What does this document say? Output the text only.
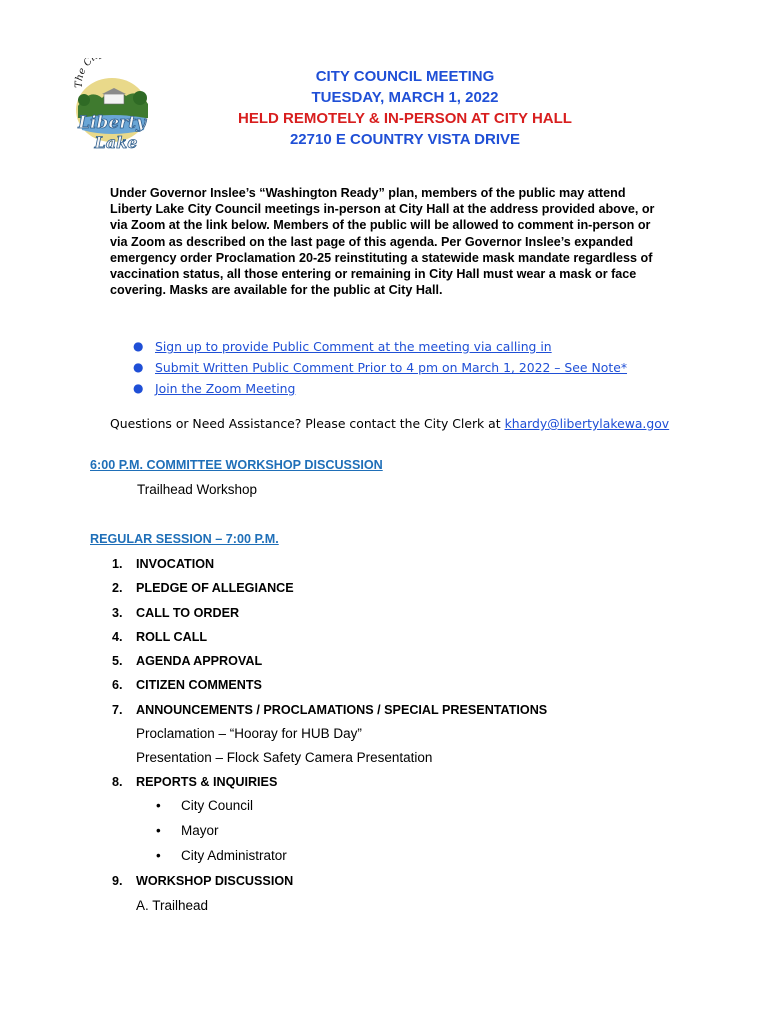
The Ci
Liberty
Lake
CITY COUNCIL MEETING
TUESDAY, MARCH 1, 2022
HELD REMOTELY & IN-PERSON AT CITY HALL
22710 E COUNTRY VISTA DRIVE
Under Governor Inslee’s “Washington Ready” plan, members of the public may attend Liberty Lake City Council meetings in-person at City Hall at the address provided above, or via Zoom at the link below. Members of the public will be allowed to comment in-person or via Zoom as described on the last page of this agenda. Per Governor Inslee’s expanded emergency order Proclamation 20-25 reinstituting a statewide mask mandate regardless of vaccination status, all those entering or remaining in City Hall must wear a mask or face covering. Masks are available for the public at City Hall.
● Sign up to provide Public Comment at the meeting via calling in
● Submit Written Public Comment Prior to 4 pm on March 1, 2022 – See Note*
● Join the Zoom Meeting
Questions or Need Assistance? Please contact the City Clerk at khardy@libertylakewa.gov
6:00 P.M. COMMITTEE WORKSHOP DISCUSSION
Trailhead Workshop
REGULAR SESSION – 7:00 P.M.
1. INVOCATION
2. PLEDGE OF ALLEGIANCE
3. CALL TO ORDER
4. ROLL CALL
5. AGENDA APPROVAL
6. CITIZEN COMMENTS
7. ANNOUNCEMENTS / PROCLAMATIONS / SPECIAL PRESENTATIONS
Proclamation – “Hooray for HUB Day”
Presentation – Flock Safety Camera Presentation
8. REPORTS & INQUIRIES
• City Council
• Mayor
• City Administrator
9. WORKSHOP DISCUSSION
A. Trailhead
